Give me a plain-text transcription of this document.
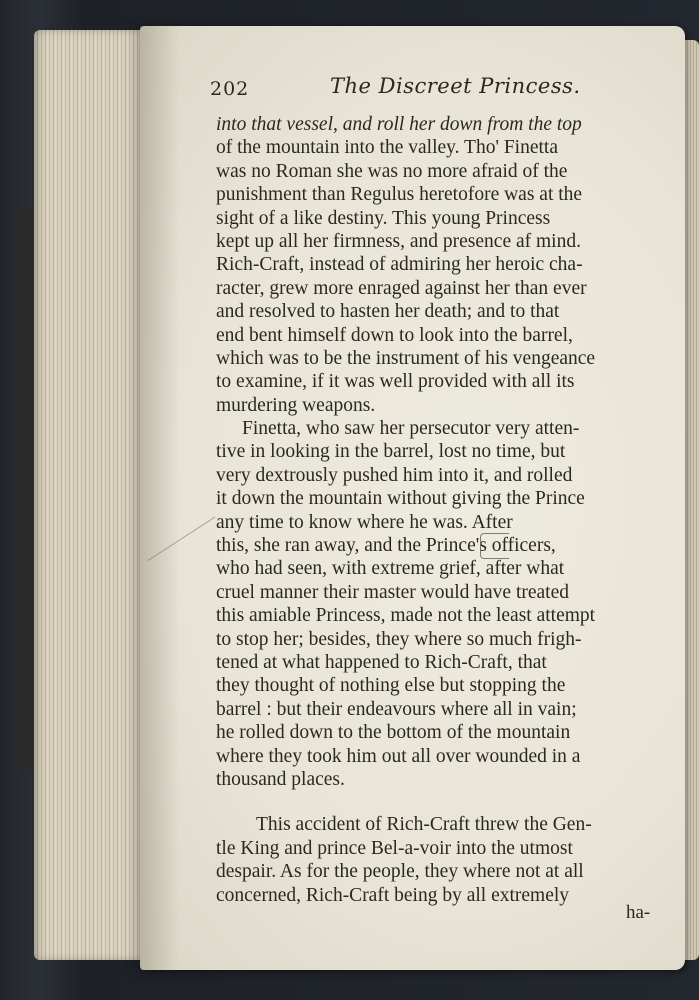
202	The Discreet Princess.
into that vessel, and roll her down from the top
of the mountain into the valley. Tho' Finetta
was no Roman she was no more afraid of the
punishment than Regulus heretofore was at the
sight of a like destiny. This young Princess
kept up all her firmness, and presence af mind.
Rich-Craft, instead of admiring her heroic cha-
racter, grew more enraged against her than ever
and resolved to hasten her death; and to that
end bent himself down to look into the barrel,
which was to be the instrument of his vengeance
to examine, if it was well provided with all its
murdering weapons.
Finetta, who saw her persecutor very atten-
tive in looking in the barrel, lost no time, but
very dextrously pushed him into it, and rolled
it down the mountain without giving the Prince
any time to know where he was. After
this, she ran away, and the Prince's officers,
who had seen, with extreme grief, after what
cruel manner their master would have treated
this amiable Princess, made not the least attempt
to stop her; besides, they where so much frigh-
tened at what happened to Rich-Craft, that
they thought of nothing else but stopping the
barrel : but their endeavours where all in vain;
he rolled down to the bottom of the mountain
where they took him out all over wounded in a
thousand places.
This accident of Rich-Craft threw the Gen-
tle King and prince Bel-a-voir into the utmost
despair. As for the people, they where not at all
concerned, Rich-Craft being by all extremely
ha-
